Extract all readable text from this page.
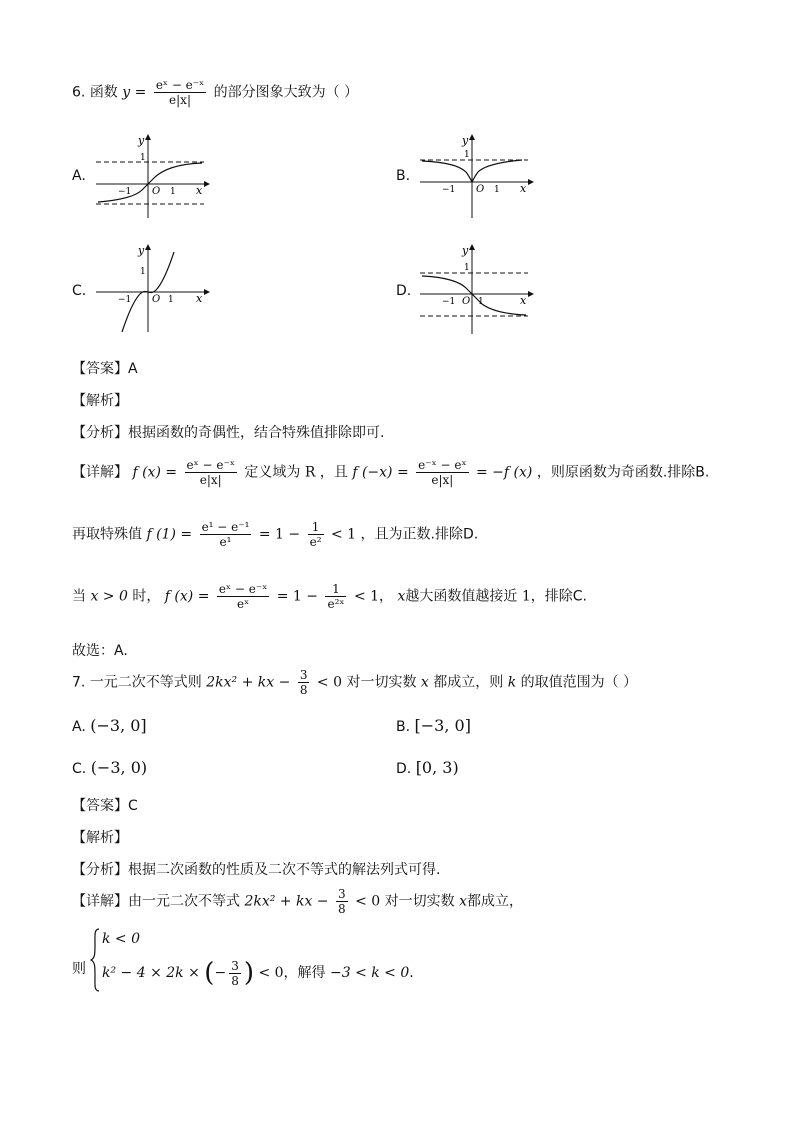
6. 函数 $y = \frac{\text{eˣ − e⁻ˣ}}{e|x|}$ 的部分图象大致为（ ）
A.
y
1
O 1
−1	x
B.
y
1
O 1
−1	x
C.
y
1
O 1
−1	x	D.
y
1
O 1
−1	x
【答案】A
【解析】
【分析】根据函数的奇偶性，结合特殊值排除即可.
【详解】 f $(x) = \frac{\text{eˣ − e⁻ˣ}}{e|x|}$ 定义域为 R ，且 f $(-x) = \frac{\text{e⁻ˣ − eˣ}}{e|x|} = -f$ (x) ，则原函数为奇函数.排除B.
再取特殊值 f $(1) = \frac{\text{e¹ − e⁻¹}}{\text{e¹}} = 1 - \frac{1}{\text{e²}} < 1$ ，且为正数.排除D.
当 x > 0 时， f $(x) = \frac{\text{eˣ − e⁻ˣ}}{\text{eˣ}} = 1 - \frac{1}{\text{e²ˣ}} < 1$， x越大函数值越接近 1，排除C.
故选：A.
7. 一元二次不等式则 2kx² + kx − $\frac{3}{8} < 0$ 对一切实数 x 都成立，则 k 的取值范围为（ ）
A. (−3, 0]	B. [−3, 0]
C. (−3, 0)	D. [0, 3)
【答案】C
【解析】
【分析】根据二次函数的性质及二次不等式的解法列式可得.
【详解】由一元二次不等式 2kx² + kx − $\frac{3}{8} < 0$ 对一切实数 x都成立，
则
k < 0
k² − 4 × 2k × (− $\frac{3}{8}$ ) < 0，解得 −3 < k < 0.
